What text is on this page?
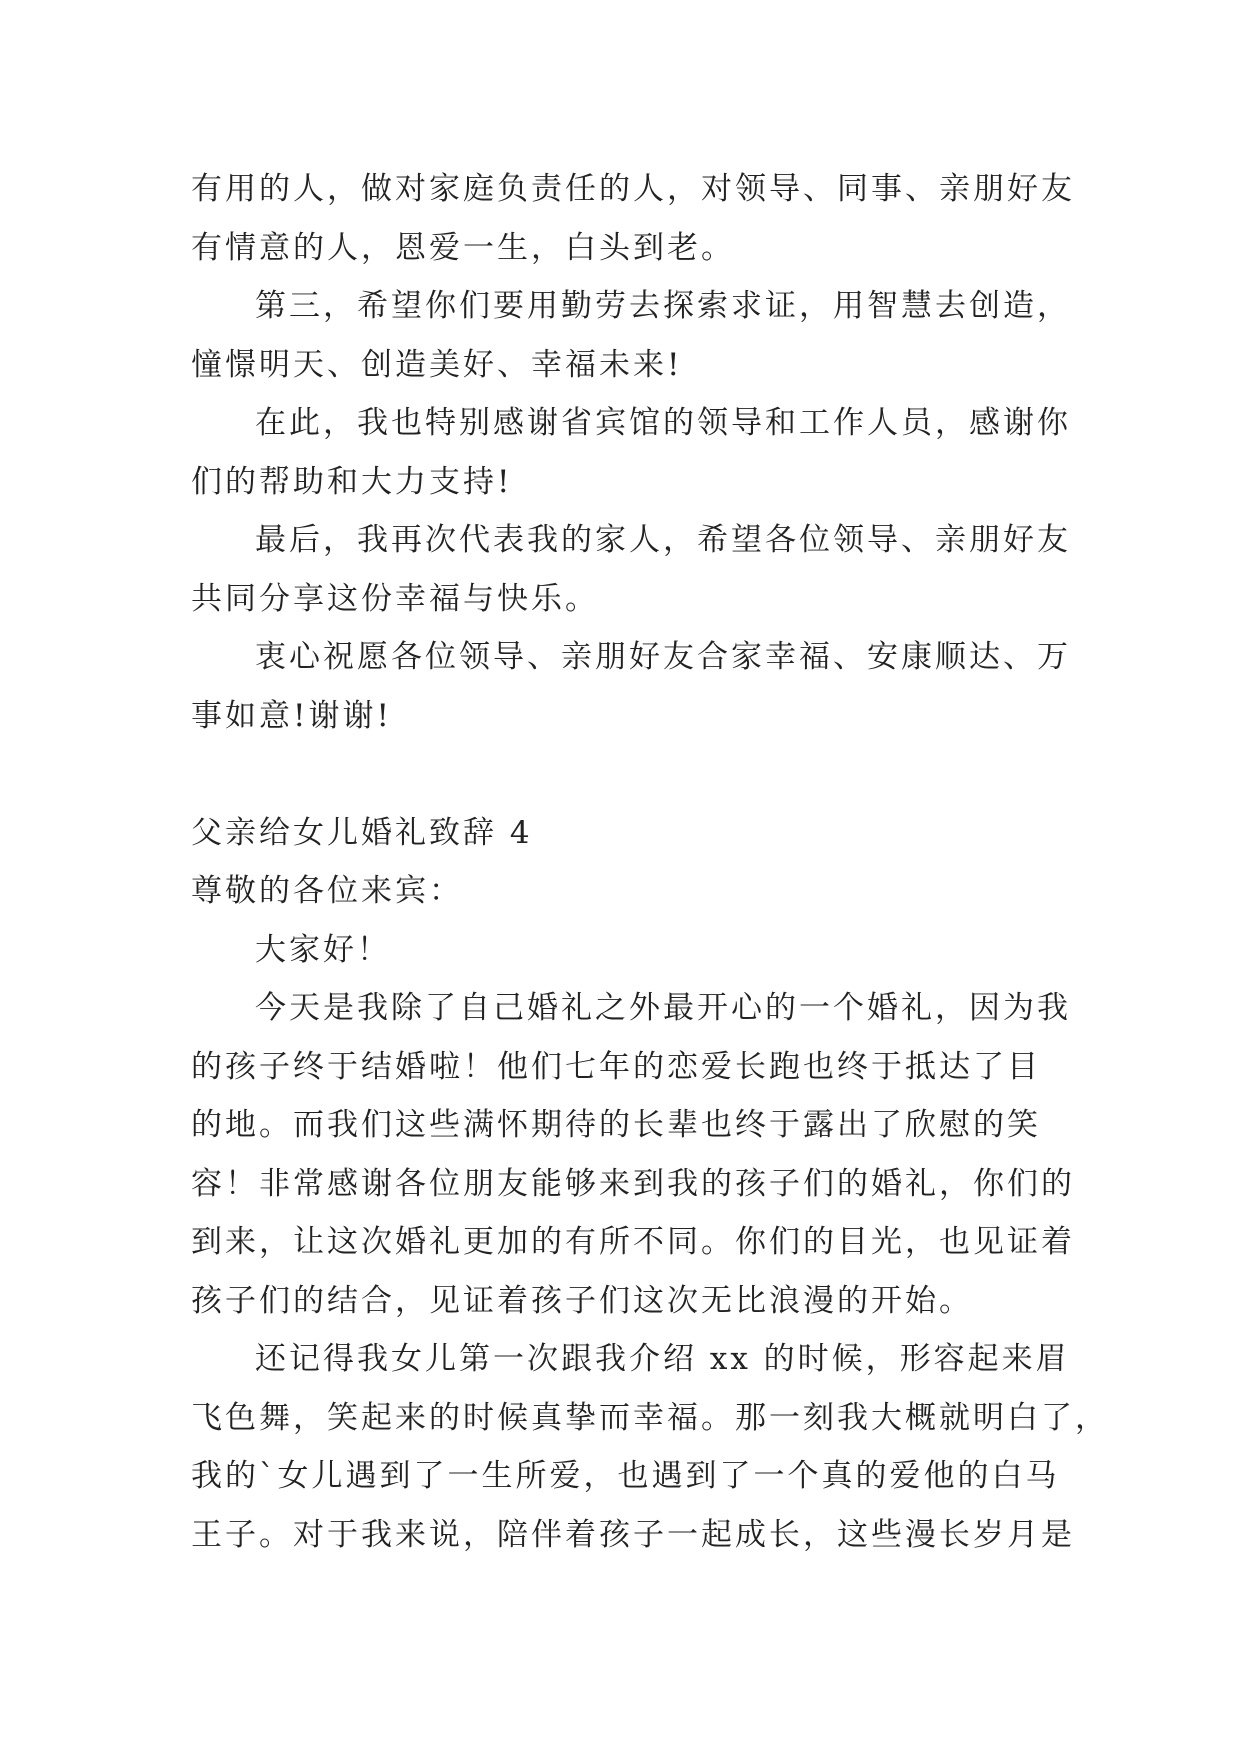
有用的人，做对家庭负责任的人，对领导、同事、亲朋好友
有情意的人，恩爱一生，白头到老。
第三，希望你们要用勤劳去探索求证，用智慧去创造，
憧憬明天、创造美好、幸福未来!
在此，我也特别感谢省宾馆的领导和工作人员，感谢你
们的帮助和大力支持!
最后，我再次代表我的家人，希望各位领导、亲朋好友
共同分享这份幸福与快乐。
衷心祝愿各位领导、亲朋好友合家幸福、安康顺达、万
事如意!谢谢!
父亲给女儿婚礼致辞 4
尊敬的各位来宾：
大家好！
今天是我除了自己婚礼之外最开心的一个婚礼，因为我
的孩子终于结婚啦！他们七年的恋爱长跑也终于抵达了目
的地。而我们这些满怀期待的长辈也终于露出了欣慰的笑
容！非常感谢各位朋友能够来到我的孩子们的婚礼，你们的
到来，让这次婚礼更加的有所不同。你们的目光，也见证着
孩子们的结合，见证着孩子们这次无比浪漫的开始。
还记得我女儿第一次跟我介绍 xx 的时候，形容起来眉
飞色舞，笑起来的时候真挚而幸福。那一刻我大概就明白了，
我的`女儿遇到了一生所爱，也遇到了一个真的爱他的白马
王子。对于我来说，陪伴着孩子一起成长，这些漫长岁月是
